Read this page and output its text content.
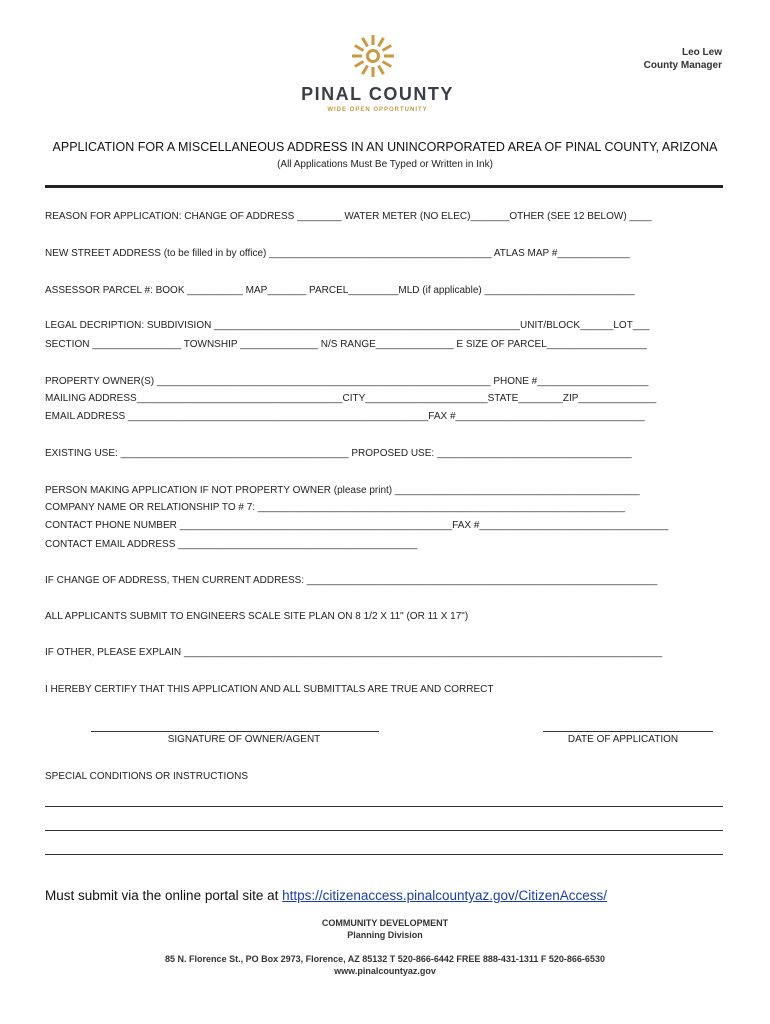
Leo Lew
County Manager
PINAL COUNTY
WIDE OPEN OPPORTUNITY
APPLICATION FOR A MISCELLANEOUS ADDRESS IN AN UNINCORPORATED AREA OF PINAL COUNTY, ARIZONA
(All Applications Must Be Typed or Written in Ink)
REASON FOR APPLICATION: CHANGE OF ADDRESS ________ WATER METER (NO ELEC)_______OTHER (SEE 12 BELOW) ____
NEW STREET ADDRESS (to be filled in by office) ________________________________________ ATLAS MAP #_____________
ASSESSOR PARCEL #: BOOK __________ MAP_______ PARCEL_________MLD (if applicable) ___________________________
LEGAL DECRIPTION: SUBDIVISION _______________________________________________________UNIT/BLOCK______LOT___
SECTION ________________ TOWNSHIP ______________ N/S RANGE______________ E SIZE OF PARCEL__________________
PROPERTY OWNER(S) ____________________________________________________________ PHONE #____________________
MAILING ADDRESS_____________________________________CITY______________________STATE________ZIP______________
EMAIL ADDRESS ______________________________________________________FAX #__________________________________
EXISTING USE: _________________________________________ PROPOSED USE: ___________________________________
PERSON MAKING APPLICATION IF NOT PROPERTY OWNER (please print) ____________________________________________
COMPANY NAME OR RELATIONSHIP TO # 7: __________________________________________________________________
CONTACT PHONE NUMBER _________________________________________________FAX #__________________________________
CONTACT EMAIL ADDRESS ___________________________________________
IF CHANGE OF ADDRESS, THEN CURRENT ADDRESS: _______________________________________________________________
ALL APPLICANTS SUBMIT TO ENGINEERS SCALE SITE PLAN ON 8 1/2 X 11" (OR 11 X 17")
IF OTHER, PLEASE EXPLAIN ______________________________________________________________________________________
I HEREBY CERTIFY THAT THIS APPLICATION AND ALL SUBMITTALS ARE TRUE AND CORRECT
SIGNATURE OF OWNER/AGENT	DATE OF APPLICATION
SPECIAL CONDITIONS OR INSTRUCTIONS
Must submit via the online portal site at https://citizenaccess.pinalcountyaz.gov/CitizenAccess/
COMMUNITY DEVELOPMENT
Planning Division
85 N. Florence St., PO Box 2973, Florence, AZ 85132 T 520-866-6442 FREE 888-431-1311 F 520-866-6530
www.pinalcountyaz.gov
